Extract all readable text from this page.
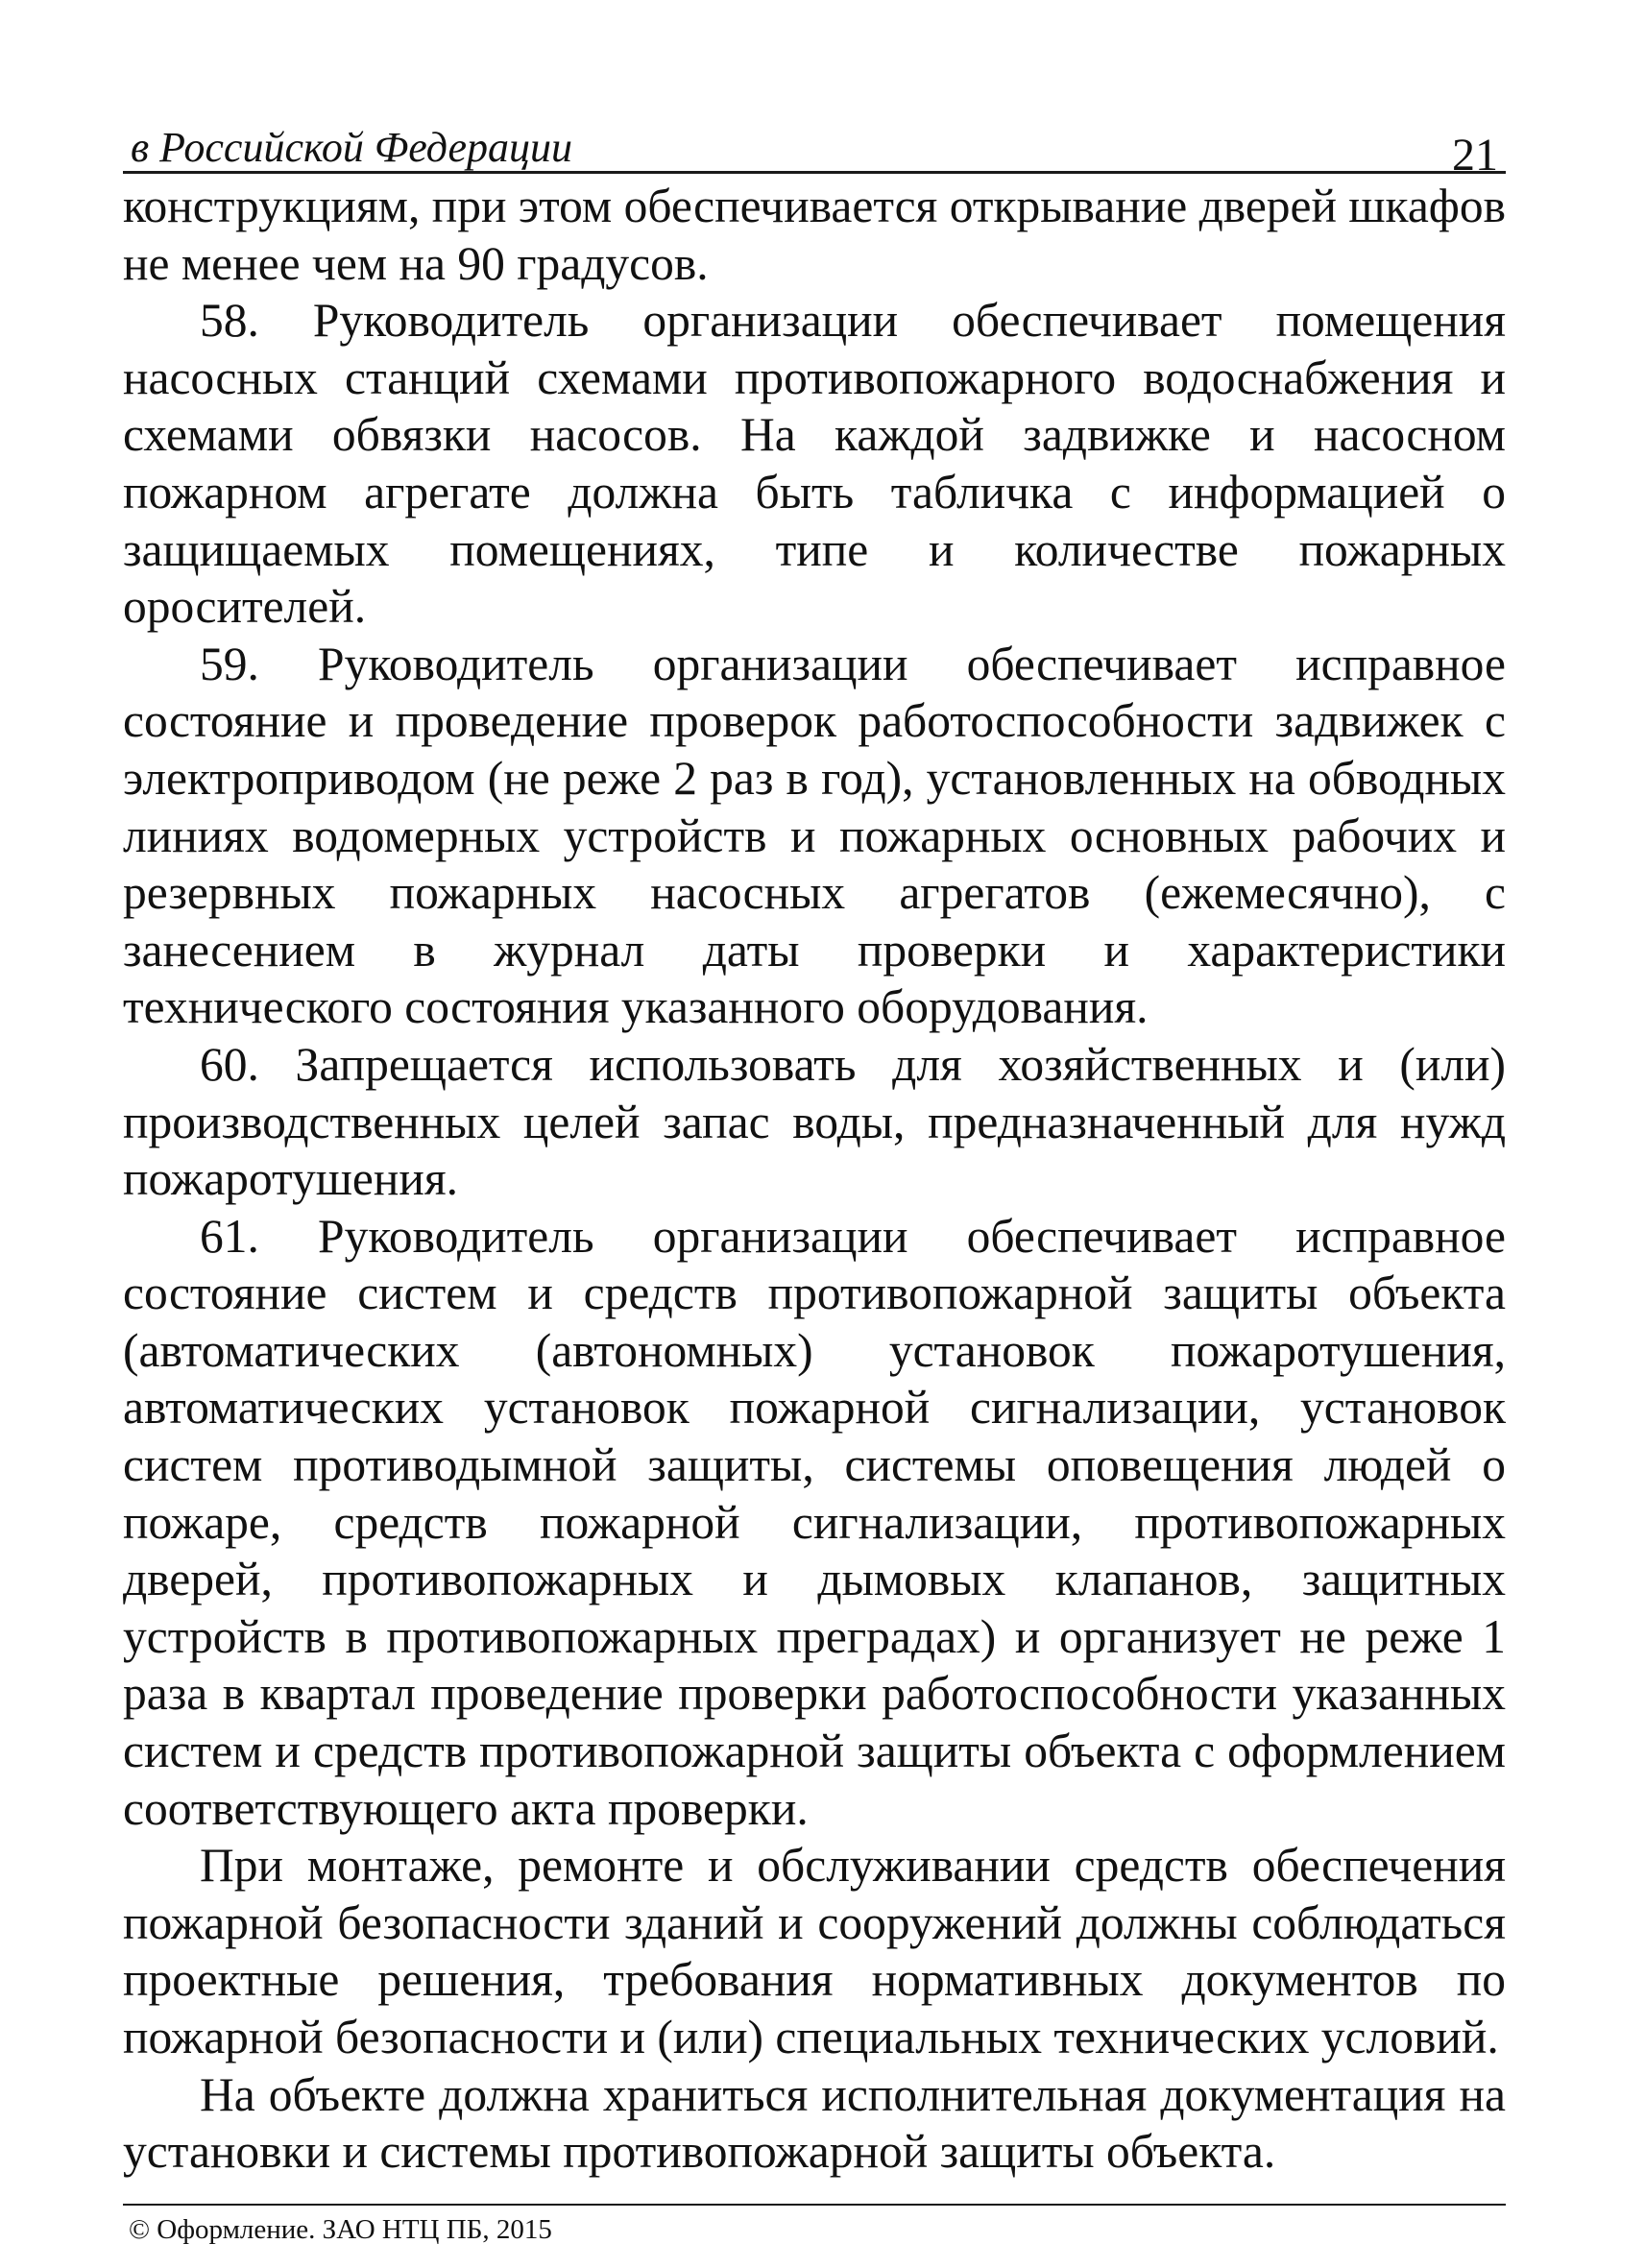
в Российской Федерации	21

конструкциям, при этом обеспечивается открывание дверей шкафов не менее чем на 90 градусов.

58. Руководитель организации обеспечивает помещения насосных станций схемами противопожарного водоснабжения и схемами обвязки насосов. На каждой задвижке и насосном пожарном агрегате должна быть табличка с информацией о защищаемых помещениях, типе и количестве пожарных оросителей.

59. Руководитель организации обеспечивает исправное состояние и проведение проверок работоспособности задвижек с электроприводом (не реже 2 раз в год), установленных на обводных линиях водомерных устройств и пожарных основных рабочих и резервных пожарных насосных агрегатов (ежемесячно), с занесением в журнал даты проверки и характеристики технического состояния указанного оборудования.

60. Запрещается использовать для хозяйственных и (или) производственных целей запас воды, предназначенный для нужд пожаротушения.

61. Руководитель организации обеспечивает исправное состояние систем и средств противопожарной защиты объекта (автоматических (автономных) установок пожаротушения, автоматических установок пожарной сигнализации, установок систем противодымной защиты, системы оповещения людей о пожаре, средств пожарной сигнализации, противопожарных дверей, противопожарных и дымовых клапанов, защитных устройств в противопожарных преградах) и организует не реже 1 раза в квартал проведение проверки работоспособности указанных систем и средств противопожарной защиты объекта с оформлением соответствующего акта проверки.

При монтаже, ремонте и обслуживании средств обеспечения пожарной безопасности зданий и сооружений должны соблюдаться проектные решения, требования нормативных документов по пожарной безопасности и (или) специальных технических условий.

На объекте должна храниться исполнительная документация на установки и системы противопожарной защиты объекта.

© Оформление. ЗАО НТЦ ПБ, 2015
